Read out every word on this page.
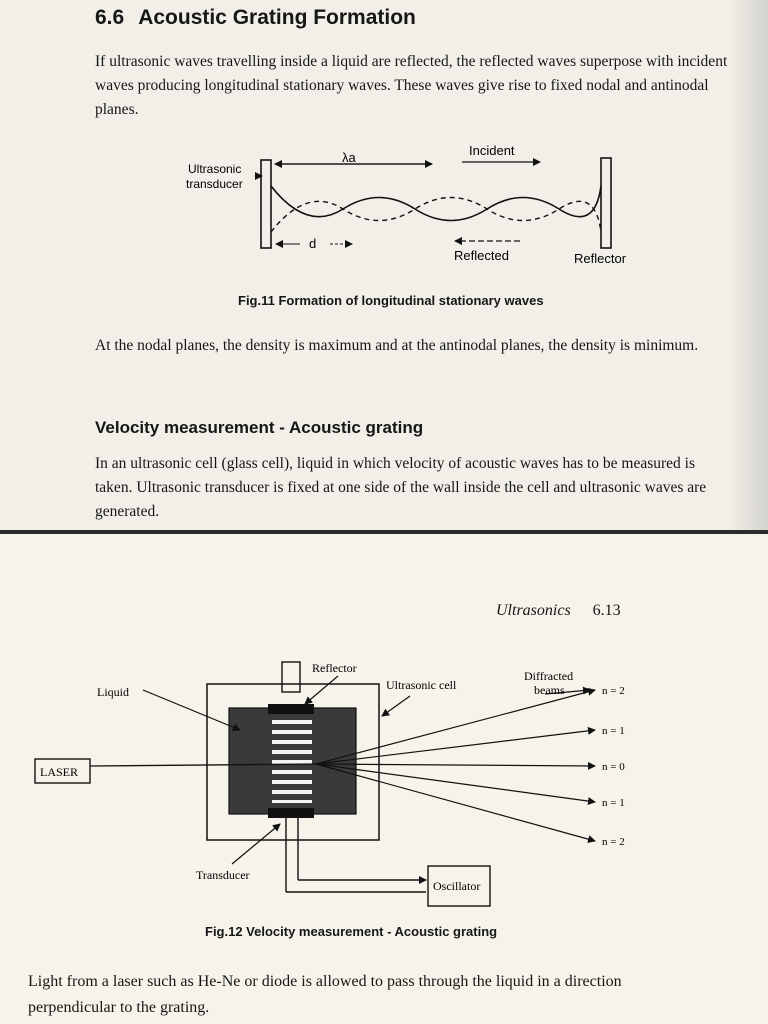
6.6 Acoustic Grating Formation

If ultrasonic waves travelling inside a liquid are reflected, the reflected waves superpose with incident waves producing longitudinal stationary waves. These waves give rise to fixed nodal and antinodal planes.

Ultrasonic
transducer
λa	Incident
d
Reflected	Reflector

Fig.11 Formation of longitudinal stationary waves

At the nodal planes, the density is maximum and at the antinodal planes, the density is minimum.

Velocity measurement - Acoustic grating

In an ultrasonic cell (glass cell), liquid in which velocity of acoustic waves has to be measured is taken. Ultrasonic transducer is fixed at one side of the wall inside the cell and ultrasonic waves are generated.

Ultrasonics 6.13
Reflector
Liquid	Ultrasonic cell
Diffracted
beams
LASER
Transducer
Oscillator
n = 2
n = 1
n = 0
n = 1
n = 2

Fig.12 Velocity measurement - Acoustic grating

Light from a laser such as He-Ne or diode is allowed to pass through the liquid in a direction perpendicular to the grating.
